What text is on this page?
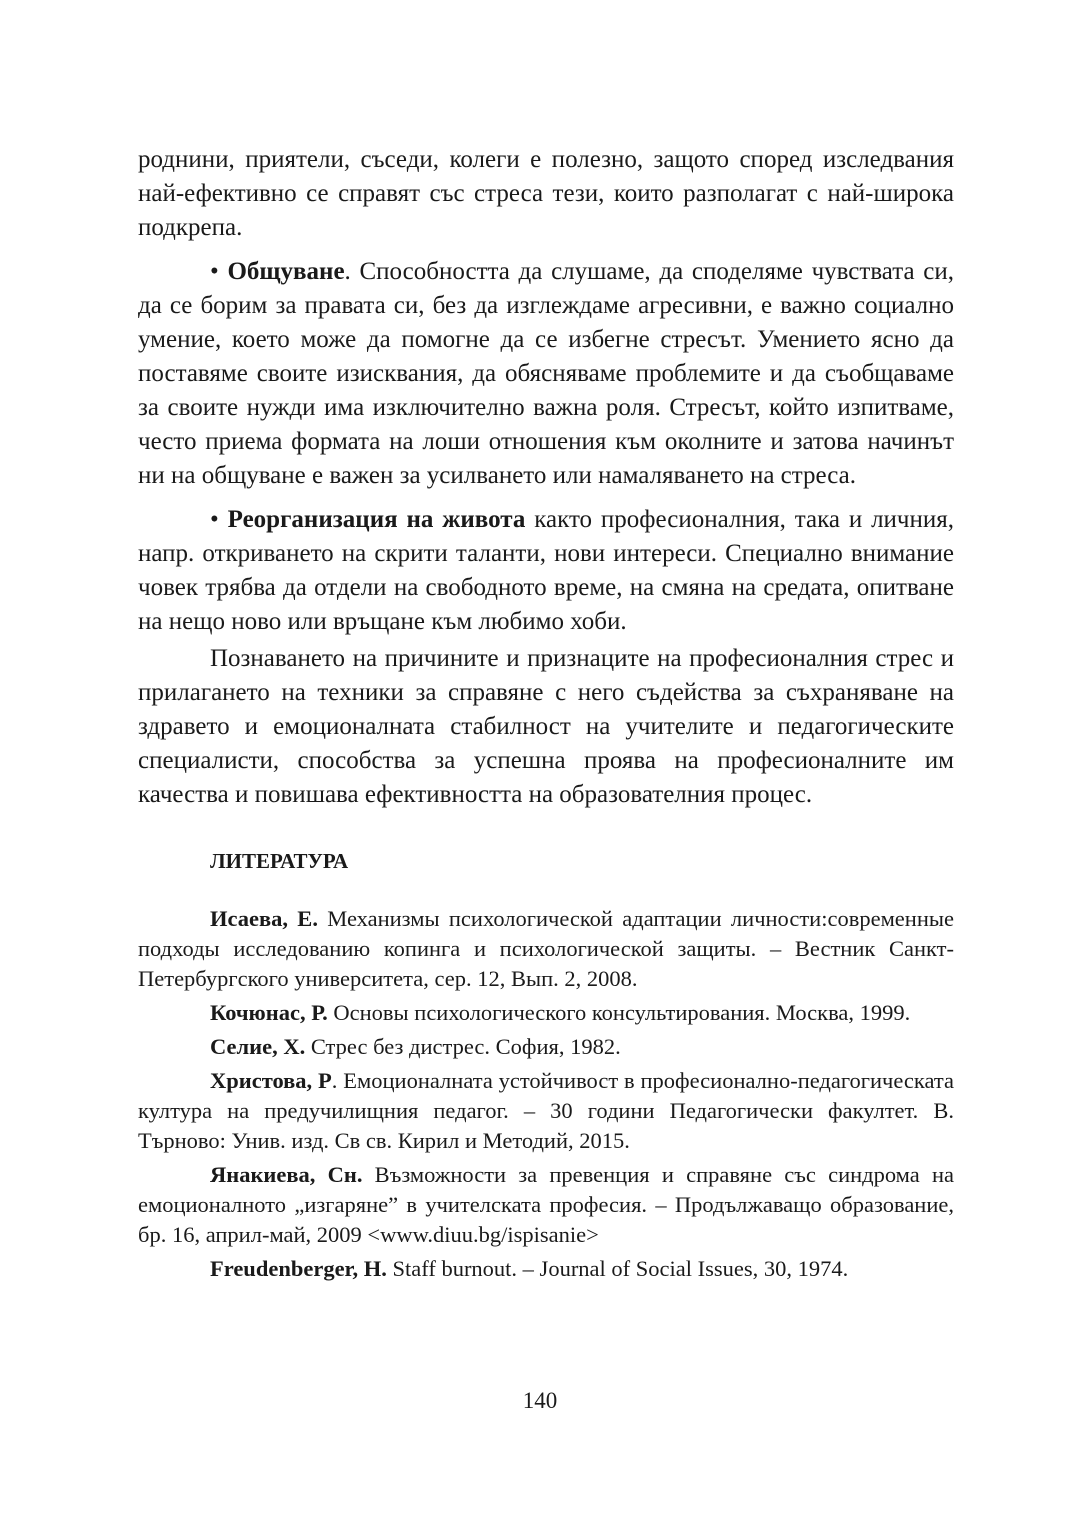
роднини, приятели, съседи, колеги е полезно, защото според изследвания най-ефективно се справят със стреса тези, които разполагат с най-широка подкрепа.

• Общуване. Способността да слушаме, да споделяме чувствата си, да се борим за правата си, без да изглеждаме агресивни, е важно социално умение, което може да помогне да се избегне стресът. Умението ясно да поставяме своите изисквания, да обясняваме проблемите и да съобщаваме за своите нужди има изключително важна роля. Стресът, който изпитваме, често приема формата на лоши отношения към околните и затова начинът ни на общуване е важен за усилването или намаляването на стреса.

• Реорганизация на живота както професионалния, така и личния, напр. откриването на скрити таланти, нови интереси. Специално внимание човек трябва да отдели на свободното време, на смяна на средата, опитване на нещо ново или връщане към любимо хоби.

Познаването на причините и признаците на професионалния стрес и прилагането на техники за справяне с него съдейства за съхраняване на здравето и емоционалната стабилност на учителите и педагогическите специалисти, способства за успешна проява на професионалните им качества и повишава ефективността на образователния процес.

ЛИТЕРАТУРА

Исаева, Е. Механизмы психологической адаптации личности:современные подходы исследованию копинга и психологической защиты. – Вестник Санкт-Петербургского университета, сер. 12, Вып. 2, 2008.

Кочюнас, Р. Основы психологического консультирования. Москва, 1999.

Селие, Х. Стрес без дистрес. София, 1982.

Христова, Р. Емоционалната устойчивост в професионално-педагогическата култура на предучилищния педагог. – 30 години Педагогически факултет. В. Търново: Унив. изд. Св св. Кирил и Методий, 2015.

Янакиева, Сн. Възможности за превенция и справяне със синдрома на емоционалното „изгаряне” в учителската професия. – Продължаващо образование, бр. 16, април-май, 2009 <www.diuu.bg/ispisanie>

Freudenberger, H. Staff burnout. – Journal of Social Issues, 30, 1974.

140
